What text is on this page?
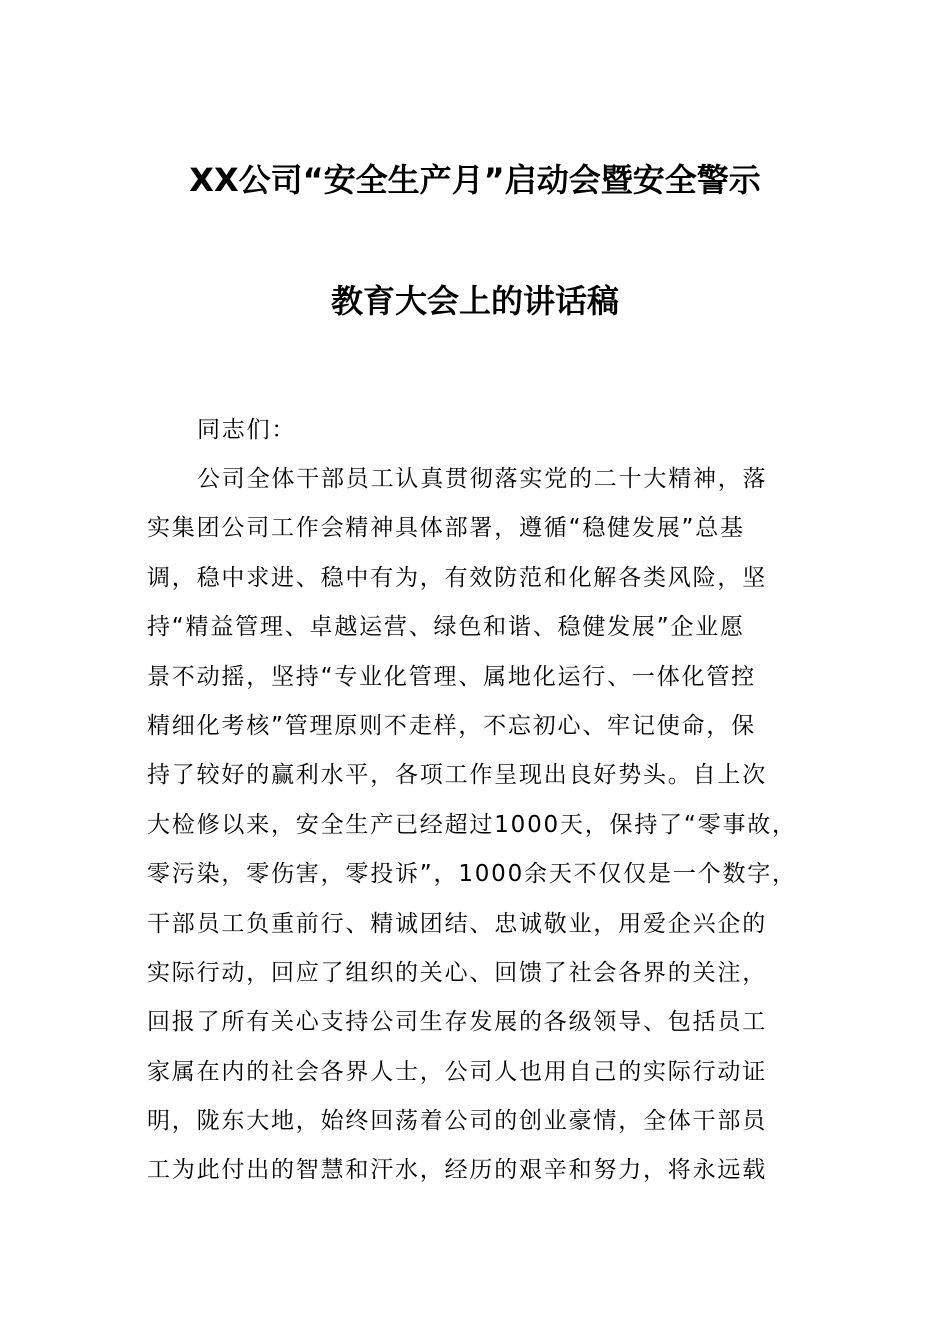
XX公司“安全生产月”启动会暨安全警示
教育大会上的讲话稿
同志们：
公司全体干部员工认真贯彻落实党的二十大精神，落
实集团公司工作会精神具体部署，遵循“稳健发展”总基
调，稳中求进、稳中有为，有效防范和化解各类风险，坚
持“精益管理、卓越运营、绿色和谐、稳健发展”企业愿
景不动摇，坚持“专业化管理、属地化运行、一体化管控
精细化考核”管理原则不走样，不忘初心、牢记使命，保
持了较好的赢利水平，各项工作呈现出良好势头。自上次
大检修以来，安全生产已经超过1000天，保持了“零事故，
零污染，零伤害，零投诉”，1000余天不仅仅是一个数字，
干部员工负重前行、精诚团结、忠诚敬业，用爱企兴企的
实际行动，回应了组织的关心、回馈了社会各界的关注，
回报了所有关心支持公司生存发展的各级领导、包括员工
家属在内的社会各界人士，公司人也用自己的实际行动证
明，陇东大地，始终回荡着公司的创业豪情，全体干部员
工为此付出的智慧和汗水，经历的艰辛和努力，将永远载
